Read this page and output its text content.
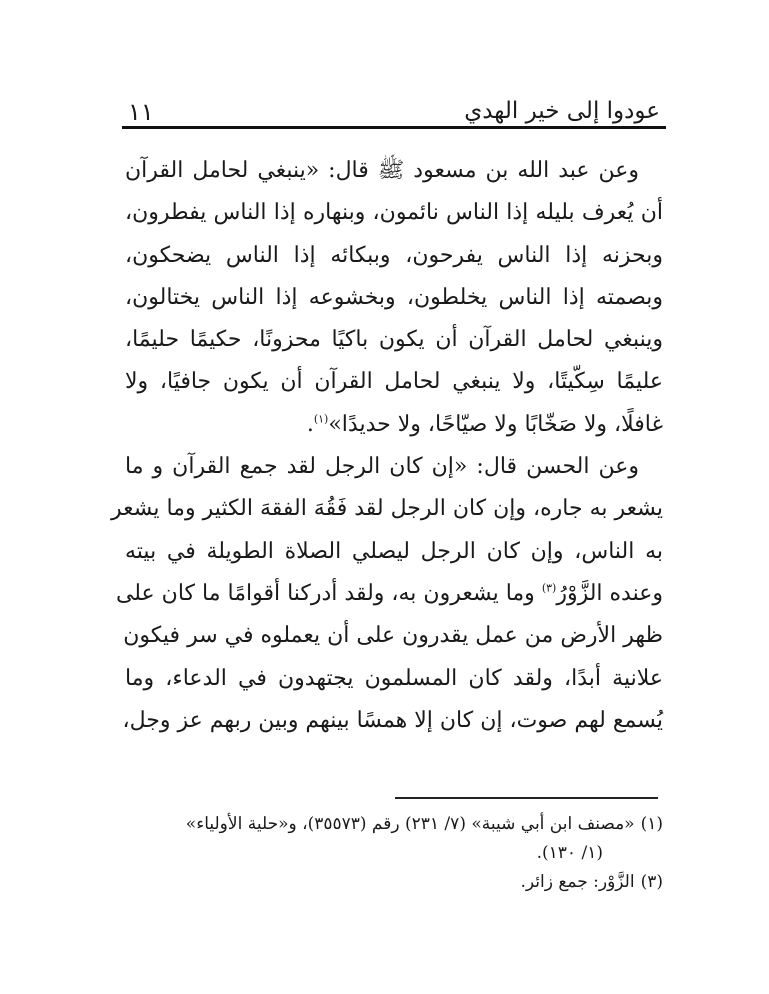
عودوا إلى خير الهدي
١١
وعن عبد الله بن مسعود ﷺ قال: «ينبغي لحامل القرآن
أن يُعرف بليله إذا الناس نائمون، وبنهاره إذا الناس يفطرون،
وبحزنه إذا الناس يفرحون، وببكائه إذا الناس يضحكون،
وبصمته إذا الناس يخلطون، وبخشوعه إذا الناس يختالون،
وينبغي لحامل القرآن أن يكون باكيًا محزونًا، حكيمًا حليمًا،
عليمًا سِكّيتًا، ولا ينبغي لحامل القرآن أن يكون جافيًا، ولا
غافلًا، ولا صَخّابًا ولا صيّاحًا، ولا حديدًا»$^{(١)}$.
وعن الحسن قال: «إن كان الرجل لقد جمع القرآن و ما
يشعر به جاره، وإن كان الرجل لقد فَقُهَ الفقهَ الكثير وما يشعر
به الناس، وإن كان الرجل ليصلي الصلاة الطويلة في بيته
وعنده الزَّوْرُ$^{(٣)}$ وما يشعرون به، ولقد أدركنا أقوامًا ما كان على
ظهر الأرض من عمل يقدرون على أن يعملوه في سر فيكون
علانية أبدًا، ولقد كان المسلمون يجتهدون في الدعاء، وما
يُسمع لهم صوت، إن كان إلا همسًا بينهم وبين ربهم عز وجل،
(١)«مصنف ابن أبي شيبة» (٧/ ٢٣١) رقم (٣٥٥٧٣)، و«حلية الأولياء»
(١/ ١٣٠).
(٣)الزَّوْر: جمع زائر.
